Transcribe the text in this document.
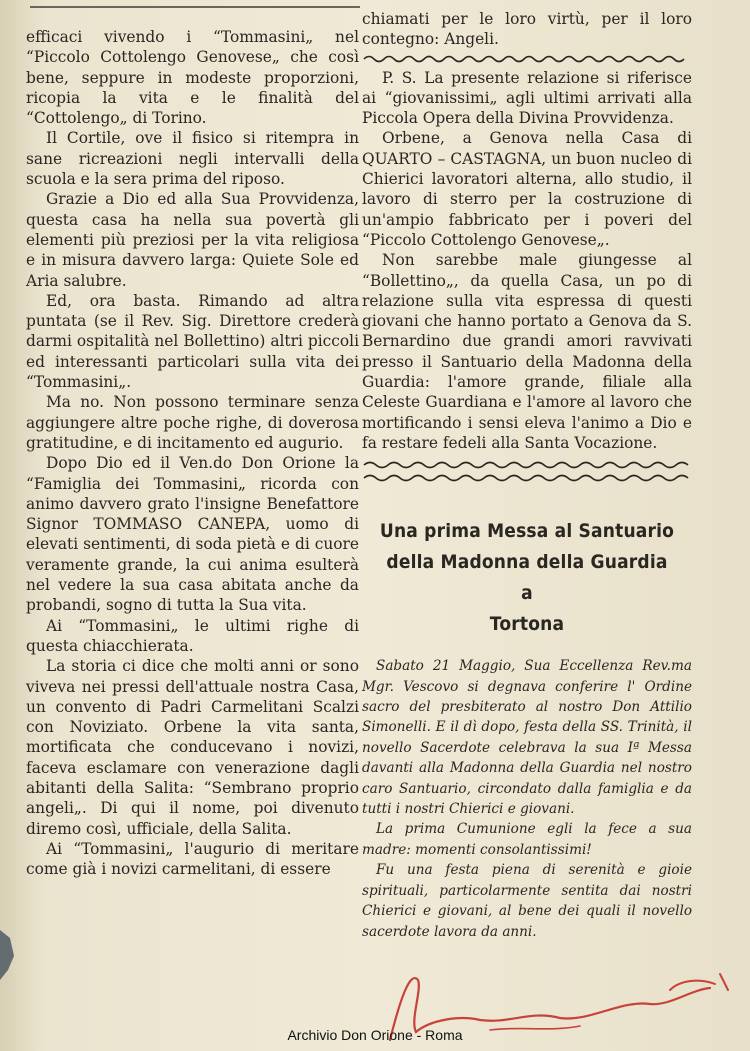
efficaci vivendo i “Tommasini„ nel “Piccolo Cottolengo Genovese„ che così bene, seppure in modeste proporzioni, ricopia la vita e le finalità del “Cottolengo„ di Torino.

Il Cortile, ove il fisico si ritempra in sane ricreazioni negli intervalli della scuola e la sera prima del riposo.

Grazie a Dio ed alla Sua Provvidenza, questa casa ha nella sua povertà gli elementi più preziosi per la vita religiosa e in misura davvero larga: Quiete Sole ed Aria salubre.

Ed, ora basta. Rimando ad altra puntata (se il Rev. Sig. Direttore crederà darmi ospitalità nel Bollettino) altri piccoli ed interessanti particolari sulla vita dei “Tommasini„.

Ma no. Non possono terminare senza aggiungere altre poche righe, di doverosa gratitudine, e di incitamento ed augurio.

Dopo Dio ed il Ven.do Don Orione la “Famiglia dei Tommasini„ ricorda con animo davvero grato l'insigne Benefattore Signor TOMMASO CANEPA, uomo di elevati sentimenti, di soda pietà e di cuore veramente grande, la cui anima esulterà nel vedere la sua casa abitata anche da probandi, sogno di tutta la Sua vita.

Ai “Tommasini„ le ultimi righe di questa chiacchierata.

La storia ci dice che molti anni or sono viveva nei pressi dell'attuale nostra Casa, un convento di Padri Carmelitani Scalzi con Noviziato. Orbene la vita santa, mortificata che conducevano i novizi, faceva esclamare con venerazione dagli abitanti della Salita: “Sembrano proprio angeli„. Di qui il nome, poi divenuto diremo così, ufficiale, della Salita.

Ai “Tommasini„ l'augurio di meritare come già i novizi carmelitani, di essere

chiamati per le loro virtù, per il loro contegno: Angeli.

P. S. La presente relazione si riferisce ai “giovanissimi„ agli ultimi arrivati alla Piccola Opera della Divina Provvidenza.

Orbene, a Genova nella Casa di QUARTO – CASTAGNA, un buon nucleo di Chierici lavoratori alterna, allo studio, il lavoro di sterro per la costruzione di un'ampio fabbricato per i poveri del “Piccolo Cottolengo Genovese„.

Non sarebbe male giungesse al “Bollettino„, da quella Casa, un po di relazione sulla vita espressa di questi giovani che hanno portato a Genova da S. Bernardino due grandi amori ravvivati presso il Santuario della Madonna della Guardia: l'amore grande, filiale alla Celeste Guardiana e l'amore al lavoro che mortificando i sensi eleva l'animo a Dio e fa restare fedeli alla Santa Vocazione.

Una prima Messa al Santuario
della Madonna della Guardia a
Tortona

Sabato 21 Maggio, Sua Eccellenza Rev.ma Mgr. Vescovo si degnava conferire l' Ordine sacro del presbiterato al nostro Don Attilio Simonelli. E il dì dopo, festa della SS. Trinità, il novello Sacerdote celebrava la sua Iª Messa davanti alla Madonna della Guardia nel nostro caro Santuario, circondato dalla famiglia e da tutti i nostri Chierici e giovani.

La prima Cumunione egli la fece a sua madre: momenti consolantissimi!

Fu una festa piena di serenità e gioie spirituali, particolarmente sentita dai nostri Chierici e giovani, al bene dei quali il novello sacerdote lavora da anni.

Archivio Don Orione - Roma
